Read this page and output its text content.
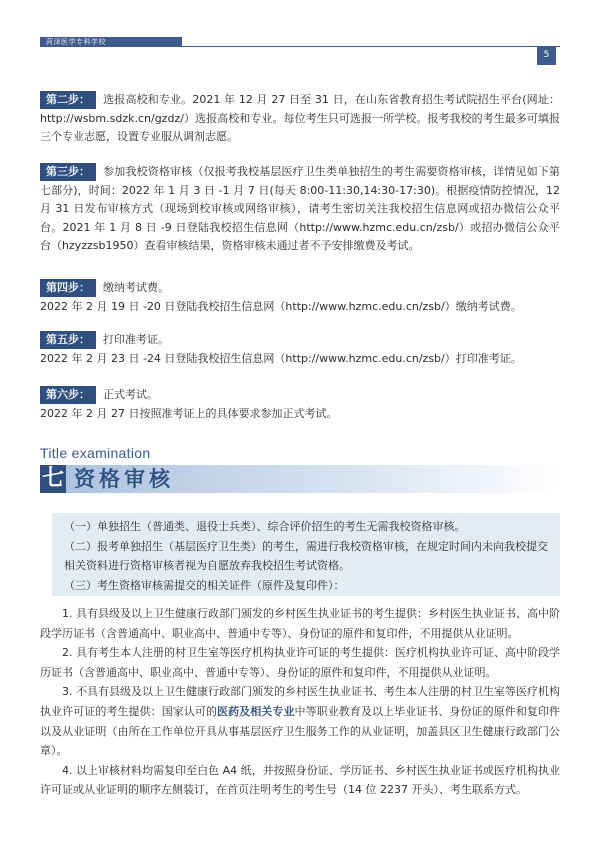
菏泽医学专科学校
5
第二步： 选报高校和专业。2021 年 12 月 27 日至 31 日，在山东省教育招生考试院招生平台(网址：http://wsbm.sdzk.cn/gzdz/）选报高校和专业。每位考生只可选报一所学校。报考我校的考生最多可填报三个专业志愿，设置专业服从调剂志愿。
第三步： 参加我校资格审核（仅报考我校基层医疗卫生类单独招生的考生需要资格审核，详情见如下第七部分)，时间：2022 年 1 月 3 日 -1 月 7 日(每天 8:00-11:30,14:30-17:30)。根据疫情防控情况，12 月 31 日发布审核方式（现场到校审核或网络审核），请考生密切关注我校招生信息网或招办微信公众平台。2021 年 1 月 8 日 -9 日登陆我校招生信息网（http://www.hzmc.edu.cn/zsb/）或招办微信公众平台（hzyzzsb1950）查看审核结果，资格审核未通过者不予安排缴费及考试。
第四步： 缴纳考试费。
2022 年 2 月 19 日 -20 日登陆我校招生信息网（http://www.hzmc.edu.cn/zsb/）缴纳考试费。
第五步： 打印准考证。
2022 年 2 月 23 日 -24 日登陆我校招生信息网（http://www.hzmc.edu.cn/zsb/）打印准考证。
第六步： 正式考试。
2022 年 2 月 27 日按照准考证上的具体要求参加正式考试。
Title examination
七 资格审核

（一）单独招生（普通类、退役士兵类）、综合评价招生的考生无需我校资格审核。

（二）报考单独招生（基层医疗卫生类）的考生，需进行我校资格审核，在规定时间内未向我校提交相关资料进行资格审核者视为自愿放弃我校招生考试资格。

（三）考生资格审核需提交的相关证件（原件及复印件）：

1. 具有县级及以上卫生健康行政部门颁发的乡村医生执业证书的考生提供：乡村医生执业证书、高中阶段学历证书（含普通高中、职业高中、普通中专等）、身份证的原件和复印件，不用提供从业证明。

2. 具有考生本人注册的村卫生室等医疗机构执业许可证的考生提供：医疗机构执业许可证、高中阶段学历证书（含普通高中、职业高中、普通中专等）、身份证的原件和复印件，不用提供从业证明。

3. 不具有县级及以上卫生健康行政部门颁发的乡村医生执业证书、考生本人注册的村卫生室等医疗机构执业许可证的考生提供：国家认可的医药及相关专业中等职业教育及以上毕业证书、身份证的原件和复印件以及从业证明（由所在工作单位开具从事基层医疗卫生服务工作的从业证明，加盖县区卫生健康行政部门公章）。

4. 以上审核材料均需复印至白色 A4 纸，并按照身份证、学历证书、乡村医生执业证书或医疗机构执业许可证或从业证明的顺序左侧装订，在首页注明考生的考生号（14 位 2237 开头）、考生联系方式。
